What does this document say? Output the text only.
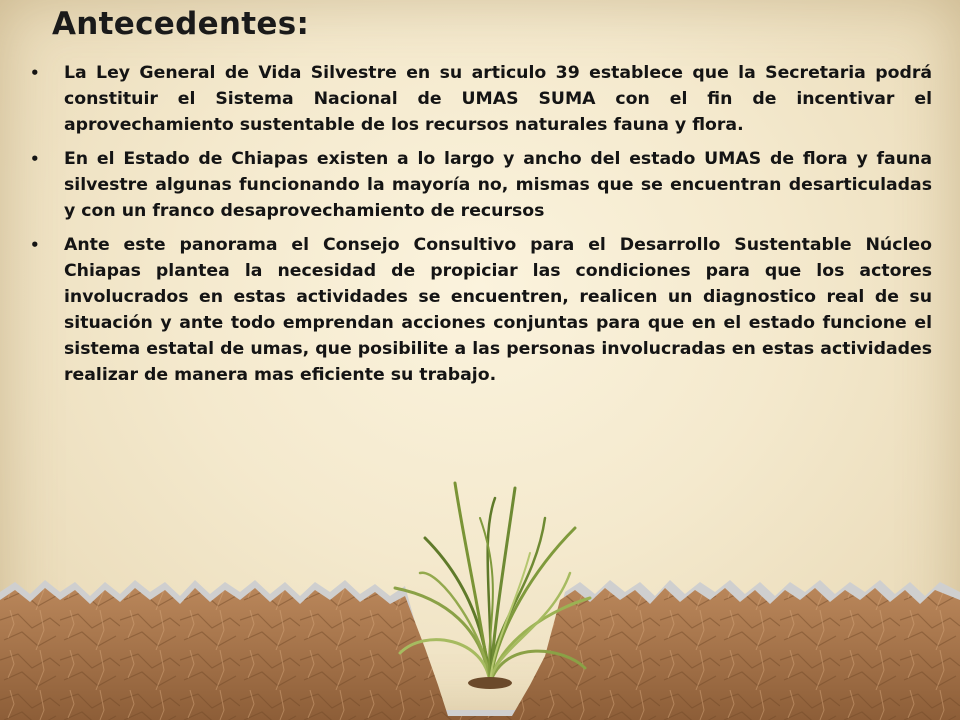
Antecedentes:
• La Ley General de Vida Silvestre en su articulo 39 establece que la Secretaria podrá constituir el Sistema Nacional de UMAS SUMA con el fin de incentivar el aprovechamiento sustentable de los recursos naturales fauna y flora.
• En el Estado de Chiapas existen a lo largo y ancho del estado UMAS de flora y fauna silvestre algunas funcionando la mayoría no, mismas que se encuentran desarticuladas y con un franco desaprovechamiento de recursos
• Ante este panorama el Consejo Consultivo para el Desarrollo Sustentable Núcleo Chiapas plantea la necesidad de propiciar las condiciones para que los actores involucrados en estas actividades se encuentren, realicen un diagnostico real de su situación y ante todo emprendan acciones conjuntas para que en el estado funcione el sistema estatal de umas, que posibilite a las personas involucradas en estas actividades realizar de manera mas eficiente su trabajo.
